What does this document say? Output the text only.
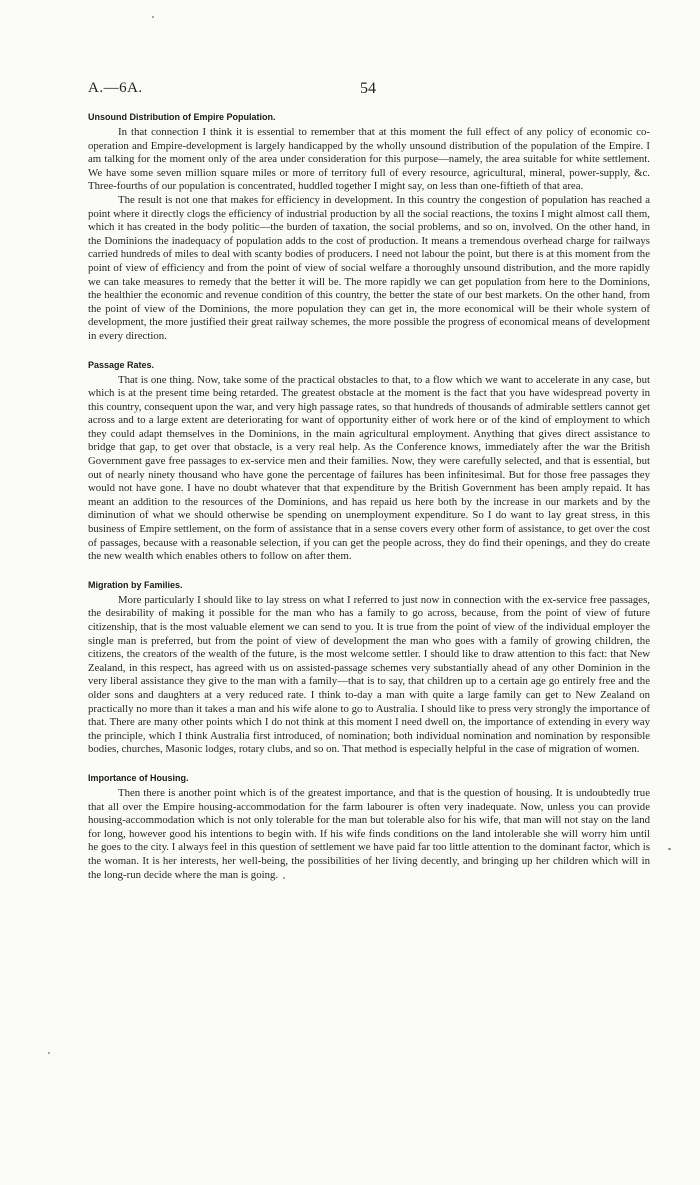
A.—6A.	54
Unsound Distribution of Empire Population.

In that connection I think it is essential to remember that at this moment the full effect of any policy of economic co-operation and Empire-development is largely handicapped by the wholly unsound distribution of the population of the Empire. I am talking for the moment only of the area under consideration for this purpose—namely, the area suitable for white settlement. We have some seven million square miles or more of territory full of every resource, agricultural, mineral, power-supply, &c. Three-fourths of our population is concentrated, huddled together I might say, on less than one-fiftieth of that area.

The result is not one that makes for efficiency in development. In this country the congestion of population has reached a point where it directly clogs the efficiency of industrial production by all the social reactions, the toxins I might almost call them, which it has created in the body politic—the burden of taxation, the social problems, and so on, involved. On the other hand, in the Dominions the inadequacy of population adds to the cost of production. It means a tremendous overhead charge for railways carried hundreds of miles to deal with scanty bodies of producers. I need not labour the point, but there is at this moment from the point of view of efficiency and from the point of view of social welfare a thoroughly unsound distribution, and the more rapidly we can take measures to remedy that the better it will be. The more rapidly we can get population from here to the Dominions, the healthier the economic and revenue condition of this country, the better the state of our best markets. On the other hand, from the point of view of the Dominions, the more population they can get in, the more economical will be their whole system of development, the more justified their great railway schemes, the more possible the progress of economical means of development in every direction.

Passage Rates.

That is one thing. Now, take some of the practical obstacles to that, to a flow which we want to accelerate in any case, but which is at the present time being retarded. The greatest obstacle at the moment is the fact that you have widespread poverty in this country, consequent upon the war, and very high passage rates, so that hundreds of thousands of admirable settlers cannot get across and to a large extent are deteriorating for want of opportunity either of work here or of the kind of employment to which they could adapt themselves in the Dominions, in the main agricultural employment. Anything that gives direct assistance to bridge that gap, to get over that obstacle, is a very real help. As the Conference knows, immediately after the war the British Government gave free passages to ex-service men and their families. Now, they were carefully selected, and that is essential, but out of nearly ninety thousand who have gone the percentage of failures has been infinitesimal. But for those free passages they would not have gone. I have no doubt whatever that that expenditure by the British Government has been amply repaid. It has meant an addition to the resources of the Dominions, and has repaid us here both by the increase in our markets and by the diminution of what we should otherwise be spending on unemployment expenditure. So I do want to lay great stress, in this business of Empire settlement, on the form of assistance that in a sense covers every other form of assistance, to get over the cost of passages, because with a reasonable selection, if you can get the people across, they do find their openings, and they do create the new wealth which enables others to follow on after them.

Migration by Families.

More particularly I should like to lay stress on what I referred to just now in connection with the ex-service free passages, the desirability of making it possible for the man who has a family to go across, because, from the point of view of future citizenship, that is the most valuable element we can send to you. It is true from the point of view of the individual employer the single man is preferred, but from the point of view of development the man who goes with a family of growing children, the citizens, the creators of the wealth of the future, is the most welcome settler. I should like to draw attention to this fact: that New Zealand, in this respect, has agreed with us on assisted-passage schemes very substantially ahead of any other Dominion in the very liberal assistance they give to the man with a family—that is to say, that children up to a certain age go entirely free and the older sons and daughters at a very reduced rate. I think to-day a man with quite a large family can get to New Zealand on practically no more than it takes a man and his wife alone to go to Australia. I should like to press very strongly the importance of that. There are many other points which I do not think at this moment I need dwell on, the importance of extending in every way the principle, which I think Australia first introduced, of nomination; both individual nomination and nomination by responsible bodies, churches, Masonic lodges, rotary clubs, and so on. That method is especially helpful in the case of migration of women.

Importance of Housing.

Then there is another point which is of the greatest importance, and that is the question of housing. It is undoubtedly true that all over the Empire housing-accommodation for the farm labourer is often very inadequate. Now, unless you can provide housing-accommodation which is not only tolerable for the man but tolerable also for his wife, that man will not stay on the land for long, however good his intentions to begin with. If his wife finds conditions on the land intolerable she will worry him until he goes to the city. I always feel in this question of settlement we have paid far too little attention to the dominant factor, which is the woman. It is her interests, her well-being, the possibilities of her living decently, and bringing up her children which will in the long-run decide where the man is going.
